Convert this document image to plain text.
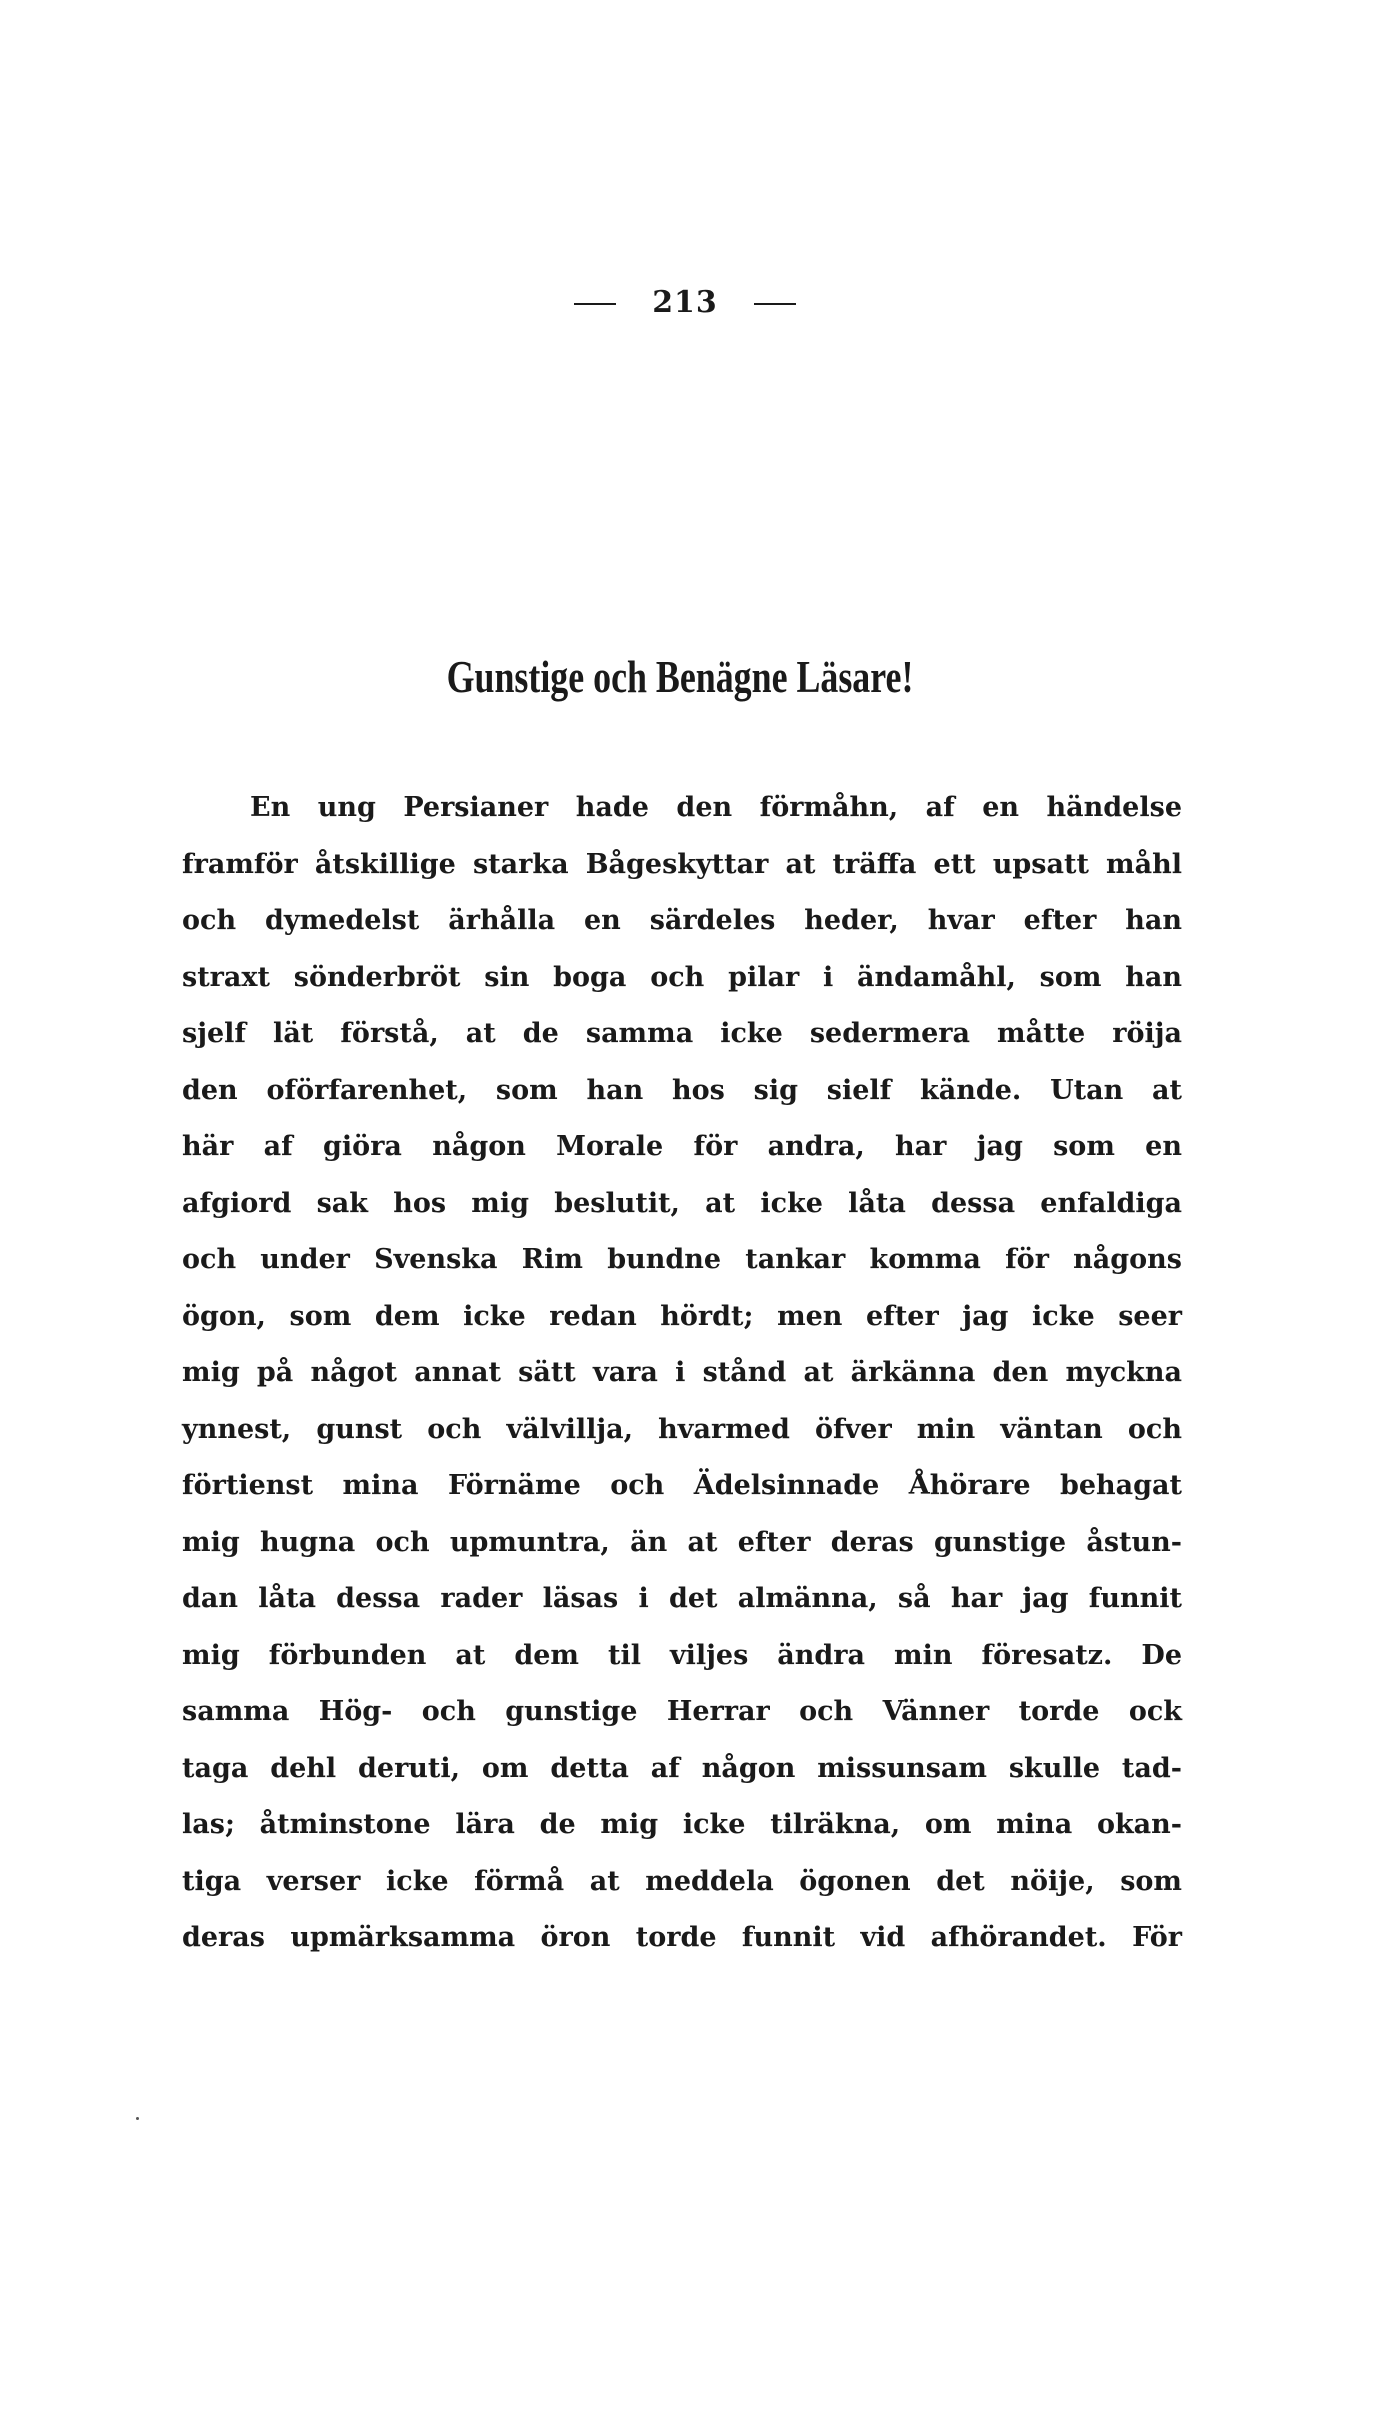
213
Gunstige och Benägne Läsare!
En ung Persianer hade den förmåhn, af en händelse
framför åtskillige starka Bågeskyttar at träffa ett upsatt måhl
och dymedelst ärhålla en särdeles heder, hvar efter han
straxt sönderbröt sin boga och pilar i ändamåhl, som han
sjelf lät förstå, at de samma icke sedermera måtte röija
den oförfarenhet, som han hos sig sielf kände. Utan at
här af giöra någon Morale för andra, har jag som en
afgiord sak hos mig beslutit, at icke låta dessa enfaldiga
och under Svenska Rim bundne tankar komma för någons
ögon, som dem icke redan hördt; men efter jag icke seer
mig på något annat sätt vara i stånd at ärkänna den myckna
ynnest, gunst och välvillja, hvarmed öfver min väntan och
förtienst mina Förnäme och Ädelsinnade Åhörare behagat
mig hugna och upmuntra, än at efter deras gunstige åstun-
dan låta dessa rader läsas i det almänna, så har jag funnit
mig förbunden at dem til viljes ändra min föresatz. De
samma Hög- och gunstige Herrar och Vänner torde ock
taga dehl deruti, om detta af någon missunsam skulle tad-
las; åtminstone lära de mig icke tilräkna, om mina okan-
tiga verser icke förmå at meddela ögonen det nöije, som
deras upmärksamma öron torde funnit vid afhörandet. För
